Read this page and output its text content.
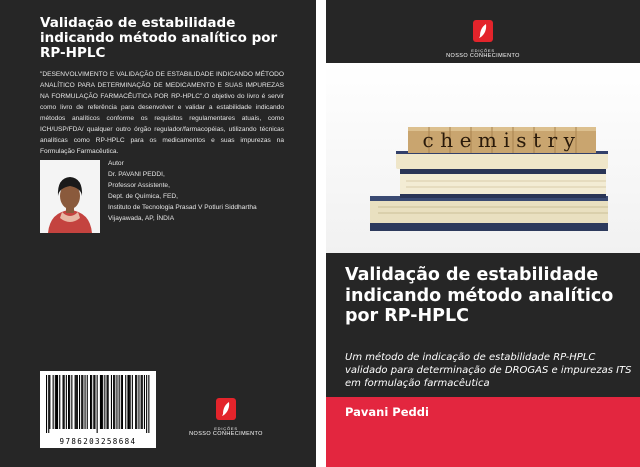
Validação de estabilidade indicando método analítico por RP-HPLC
"DESENVOLVIMENTO E VALIDAÇÃO DE ESTABILIDADE INDICANDO MÉTODO ANALÍTICO PARA DETERMINAÇÃO DE MEDICAMENTO E SUAS IMPUREZAS NA FORMULAÇÃO FARMACÊUTICA POR RP-HPLC".O objetivo do livro é servir como livro de referência para desenvolver e validar a estabilidade indicando métodos analíticos conforme os requisitos regulamentares atuais, como ICH/USP/FDA/ qualquer outro órgão regulador/farmacopéias, utilizando técnicas analíticas como RP-HPLC para os medicamentos e suas impurezas na Formulação Farmacêutica.
Autor
Dr. PAVANI PEDDI,
Professor Assistente,
Dept. de Química, FED,
Instituto de Tecnologia Prasad V Potluri Siddhartha
Vijayawada, AP, ÍNDIA
9786203258684
EDIÇÕES
NOSSO CONHECIMENTO
EDIÇÕES
NOSSO CONHECIMENTO
chemistry
Validação de estabilidade indicando método analítico por RP-HPLC
Um método de indicação de estabilidade RP-HPLC validado para determinação de DROGAS e impurezas ITS em formulação farmacêutica
Pavani Peddi
